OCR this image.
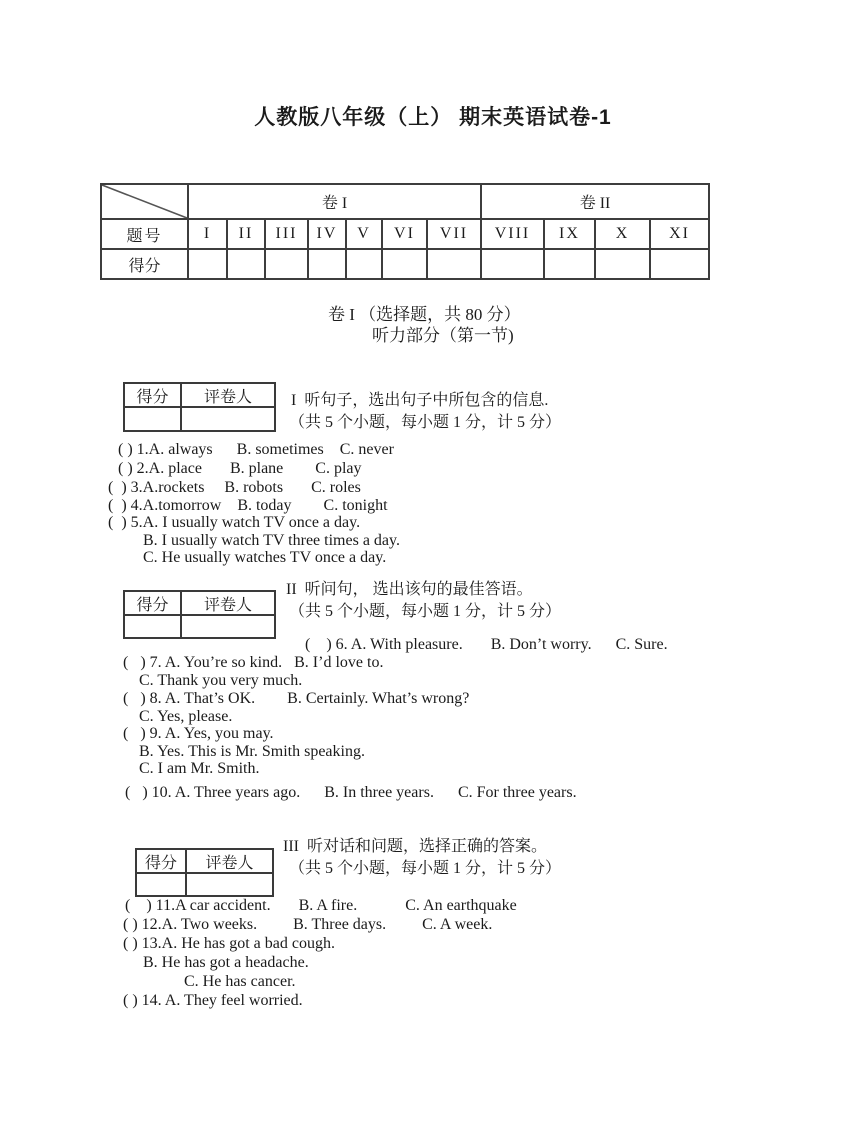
人教版八年级（上） 期末英语试卷-1
	卷 I							卷 II			
题号	I	II	III	IV	V	VI	VII	VIII	IX	X	XI
得分											
卷 I （选择题，共 80 分）
听力部分（第一节)
得分	评卷人	I  听句子，选出句子中所包含的信息.
（共 5 个小题，每小题 1 分，计 5 分）
( ) 1.A. always      B. sometimes    C. never
( ) 2.A. place       B. plane        C. play
(  ) 3.A.rockets     B. robots       C. roles
(  ) 4.A.tomorrow    B. today        C. tonight
(  ) 5.A. I usually watch TV once a day.
B. I usually watch TV three times a day.
C. He usually watches TV once a day.
得分	评卷人
II  听问句， 选出该句的最佳答语。
（共 5 个小题，每小题 1 分，计 5 分）
(    ) 6. A. With pleasure.       B. Don’t worry.      C. Sure.
(   ) 7. A. You’re so kind.   B. I’d love to.
C. Thank you very much.
(   ) 8. A. That’s OK.        B. Certainly. What’s wrong?
C. Yes, please.
(   ) 9. A. Yes, you may.
B. Yes. This is Mr. Smith speaking.
C. I am Mr. Smith.
(   ) 10. A. Three years ago.      B. In three years.      C. For three years.
得分	评卷人
III  听对话和问题，选择正确的答案。
（共 5 个小题，每小题 1 分，计 5 分）
(    ) 11.A car accident.       B. A fire.            C. An earthquake
( ) 12.A. Two weeks.         B. Three days.         C. A week.
( ) 13.A. He has got a bad cough.
B. He has got a headache.
C. He has cancer.
( ) 14. A. They feel worried.
